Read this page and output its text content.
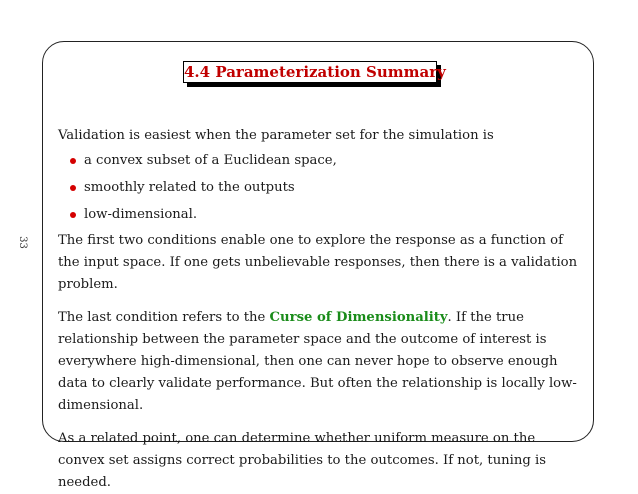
4.4 Parameterization Summary
33

Validation is easiest when the parameter set for the simulation is

a convex subset of a Euclidean space,
smoothly related to the outputs
low-dimensional.

The first two conditions enable one to explore the response as a function of the input space. If one gets unbelievable responses, then there is a validation problem.

The last condition refers to the Curse of Dimensionality. If the true relationship between the parameter space and the outcome of interest is everywhere high-dimensional, then one can never hope to observe enough data to clearly validate performance. But often the relationship is locally low-dimensional.

As a related point, one can determine whether uniform measure on the convex set assigns correct probabilities to the outcomes. If not, tuning is needed.
